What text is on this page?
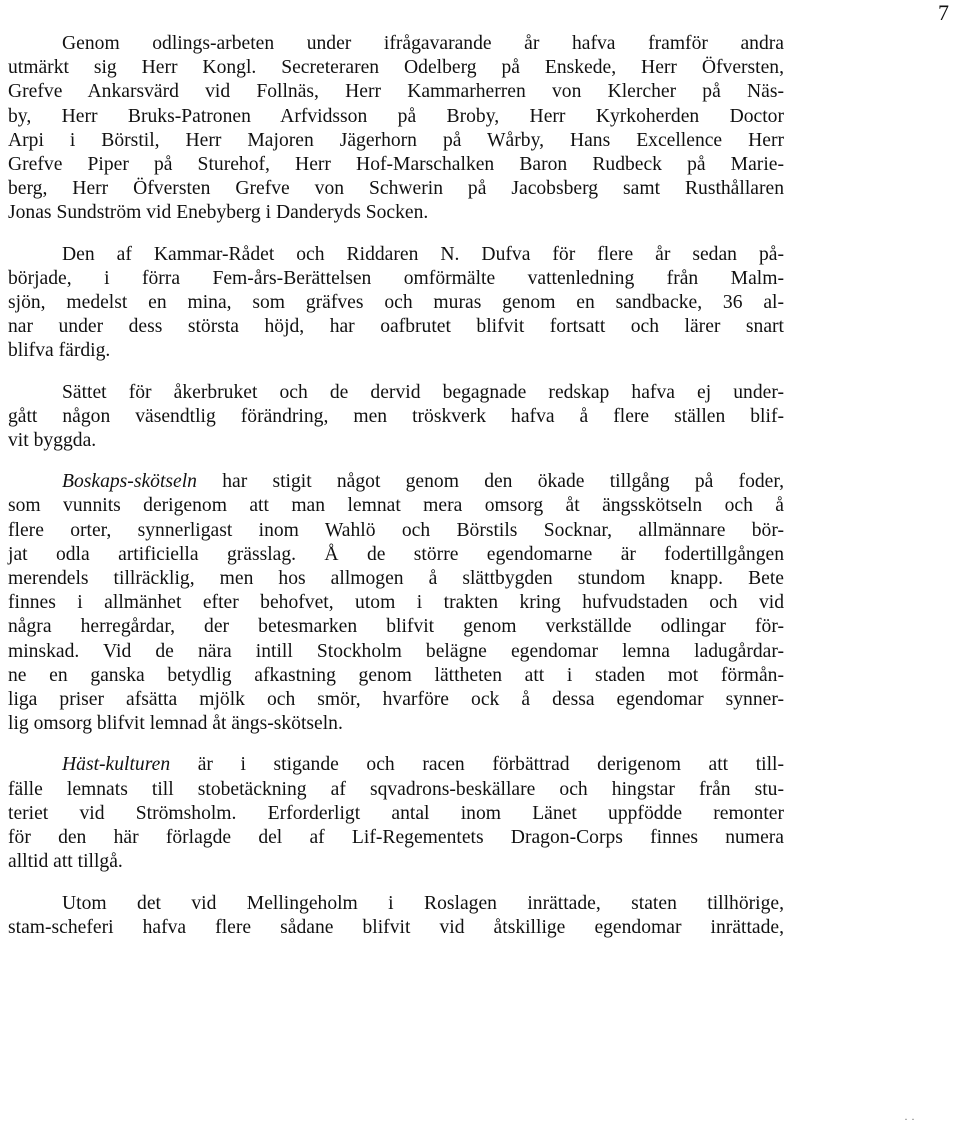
7
Genom odlings-arbeten under ifrågavarande år hafva framför andra
utmärkt sig Herr Kongl. Secreteraren Odelberg på Enskede, Herr Öfversten,
Grefve Ankarsvärd vid Follnäs, Herr Kammarherren von Klercher på Näs-
by, Herr Bruks-Patronen Arfvidsson på Broby, Herr Kyrkoherden Doctor
Arpi i Börstil, Herr Majoren Jägerhorn på Wårby, Hans Excellence Herr
Grefve Piper på Sturehof, Herr Hof-Marschalken Baron Rudbeck på Marie-
berg, Herr Öfversten Grefve von Schwerin på Jacobsberg samt Rusthållaren
Jonas Sundström vid Enebyberg i Danderyds Socken.
Den af Kammar-Rådet och Riddaren N. Dufva för flere år sedan på-
började, i förra Fem-års-Berättelsen omförmälte vattenledning från Malm-
sjön, medelst en mina, som gräfves och muras genom en sandbacke, 36 al-
nar under dess största höjd, har oafbrutet blifvit fortsatt och lärer snart
blifva färdig.
Sättet för åkerbruket och de dervid begagnade redskap hafva ej under-
gått någon väsendtlig förändring, men tröskverk hafva å flere ställen blif-
vit byggda.
Boskaps-skötseln har stigit något genom den ökade tillgång på foder,
som vunnits derigenom att man lemnat mera omsorg åt ängsskötseln och å
flere orter, synnerligast inom Wahlö och Börstils Socknar, allmännare bör-
jat odla artificiella grässlag. Å de större egendomarne är fodertillgången
merendels tillräcklig, men hos allmogen å slättbygden stundom knapp. Bete
finnes i allmänhet efter behofvet, utom i trakten kring hufvudstaden och vid
några herregårdar, der betesmarken blifvit genom verkställde odlingar för-
minskad. Vid de nära intill Stockholm belägne egendomar lemna ladugårdar-
ne en ganska betydlig afkastning genom lättheten att i staden mot förmån-
liga priser afsätta mjölk och smör, hvarföre ock å dessa egendomar synner-
lig omsorg blifvit lemnad åt ängs-skötseln.
Häst-kulturen är i stigande och racen förbättrad derigenom att till-
fälle lemnats till stobetäckning af sqvadrons-beskällare och hingstar från stu-
teriet vid Strömsholm. Erforderligt antal inom Länet uppfödde remonter
för den här förlagde del af Lif-Regementets Dragon-Corps finnes numera
alltid att tillgå.
Utom det vid Mellingeholm i Roslagen inrättade, staten tillhörige,
stam-scheferi hafva flere sådane blifvit vid åtskillige egendomar inrättade,
· ·
